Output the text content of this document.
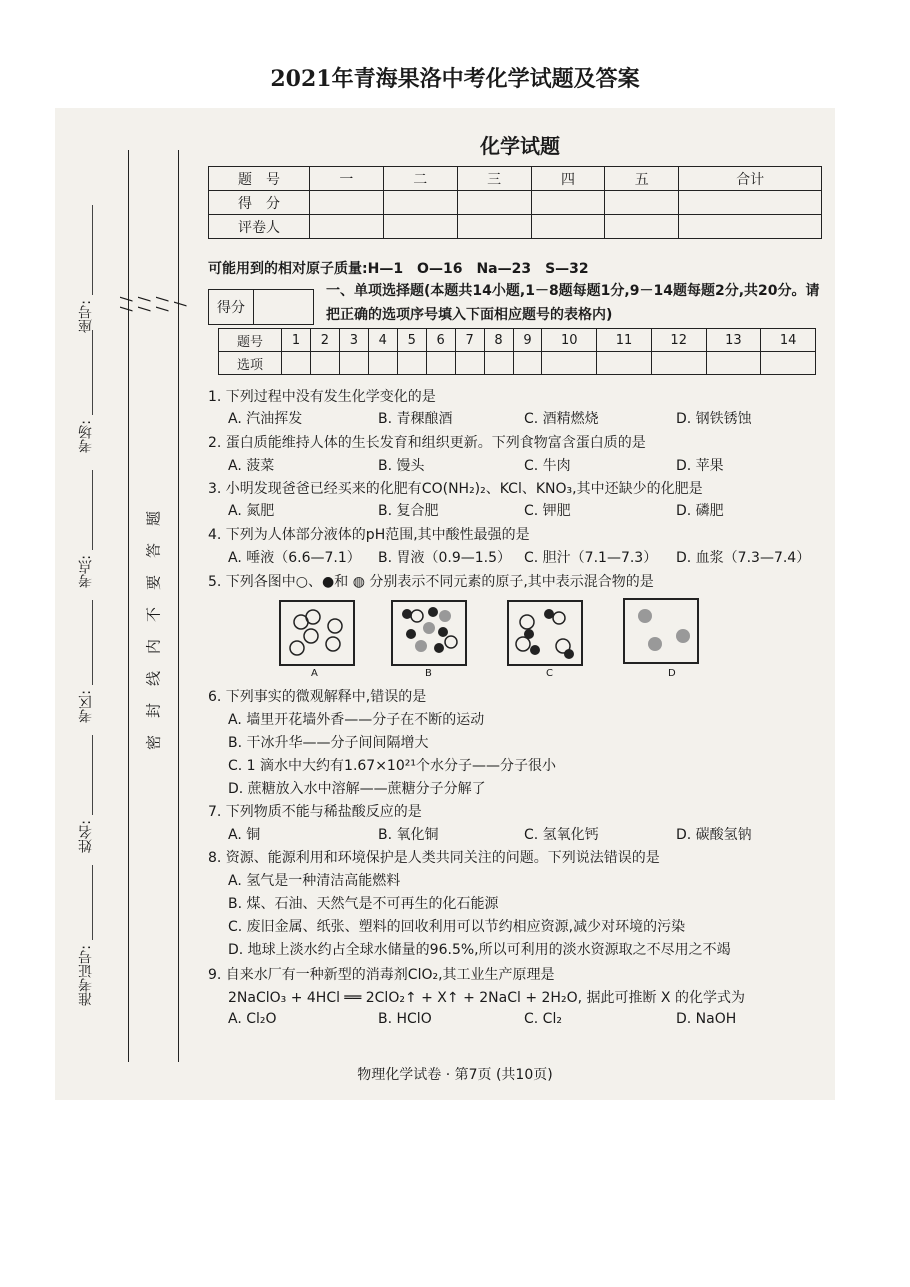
2021年青海果洛中考化学试题及答案
座号:
考场:
考点:
考区:
姓名:
准考证号:
/ / / / / / /
题
答
要
不
内
线
封
密
化学试题
题　号	一	二	三	四	五	合计
得　分						
评卷人						
可能用到的相对原子质量:H—1　O—16　Na—23　S—32
得分
一、单项选择题(本题共14小题,1－8题每题1分,9－14题每题2分,共20分。请把正确的选项序号填入下面相应题号的表格内)
题号	1	2	3	4	5	6	7	8	9	10	11	12	13	14
选项														
1. 下列过程中没有发生化学变化的是
A. 汽油挥发	B. 青稞酿酒	C. 酒精燃烧	D. 钢铁锈蚀
2. 蛋白质能维持人体的生长发育和组织更新。下列食物富含蛋白质的是
A. 菠菜	B. 馒头	C. 牛肉	D. 苹果
3. 小明发现爸爸已经买来的化肥有CO(NH₂)₂、KCl、KNO₃,其中还缺少的化肥是
A. 氮肥	B. 复合肥	C. 钾肥	D. 磷肥
4. 下列为人体部分液体的pH范围,其中酸性最强的是
A. 唾液（6.6—7.1） B. 胃液（0.9—1.5） C. 胆汁（7.1—7.3） D. 血浆（7.3—7.4）
5. 下列各图中○、●和 ◍ 分别表示不同元素的原子,其中表示混合物的是
A	B	C	D
6. 下列事实的微观解释中,错误的是
A. 墙里开花墙外香——分子在不断的运动
B. 干冰升华——分子间间隔增大
C. 1 滴水中大约有1.67×10²¹个水分子——分子很小
D. 蔗糖放入水中溶解——蔗糖分子分解了
7. 下列物质不能与稀盐酸反应的是
A. 铜	B. 氧化铜	C. 氢氧化钙	D. 碳酸氢钠
8. 资源、能源利用和环境保护是人类共同关注的问题。下列说法错误的是
A. 氢气是一种清洁高能燃料
B. 煤、石油、天然气是不可再生的化石能源
C. 废旧金属、纸张、塑料的回收利用可以节约相应资源,减少对环境的污染
D. 地球上淡水约占全球水储量的96.5%,所以可利用的淡水资源取之不尽用之不竭
9. 自来水厂有一种新型的消毒剂ClO₂,其工业生产原理是
2NaClO₃ + 4HCl ══ 2ClO₂↑ + X↑ + 2NaCl + 2H₂O, 据此可推断 X 的化学式为
A. Cl₂O	B. HClO	C. Cl₂	D. NaOH
物理化学试卷 · 第7页 (共10页)
